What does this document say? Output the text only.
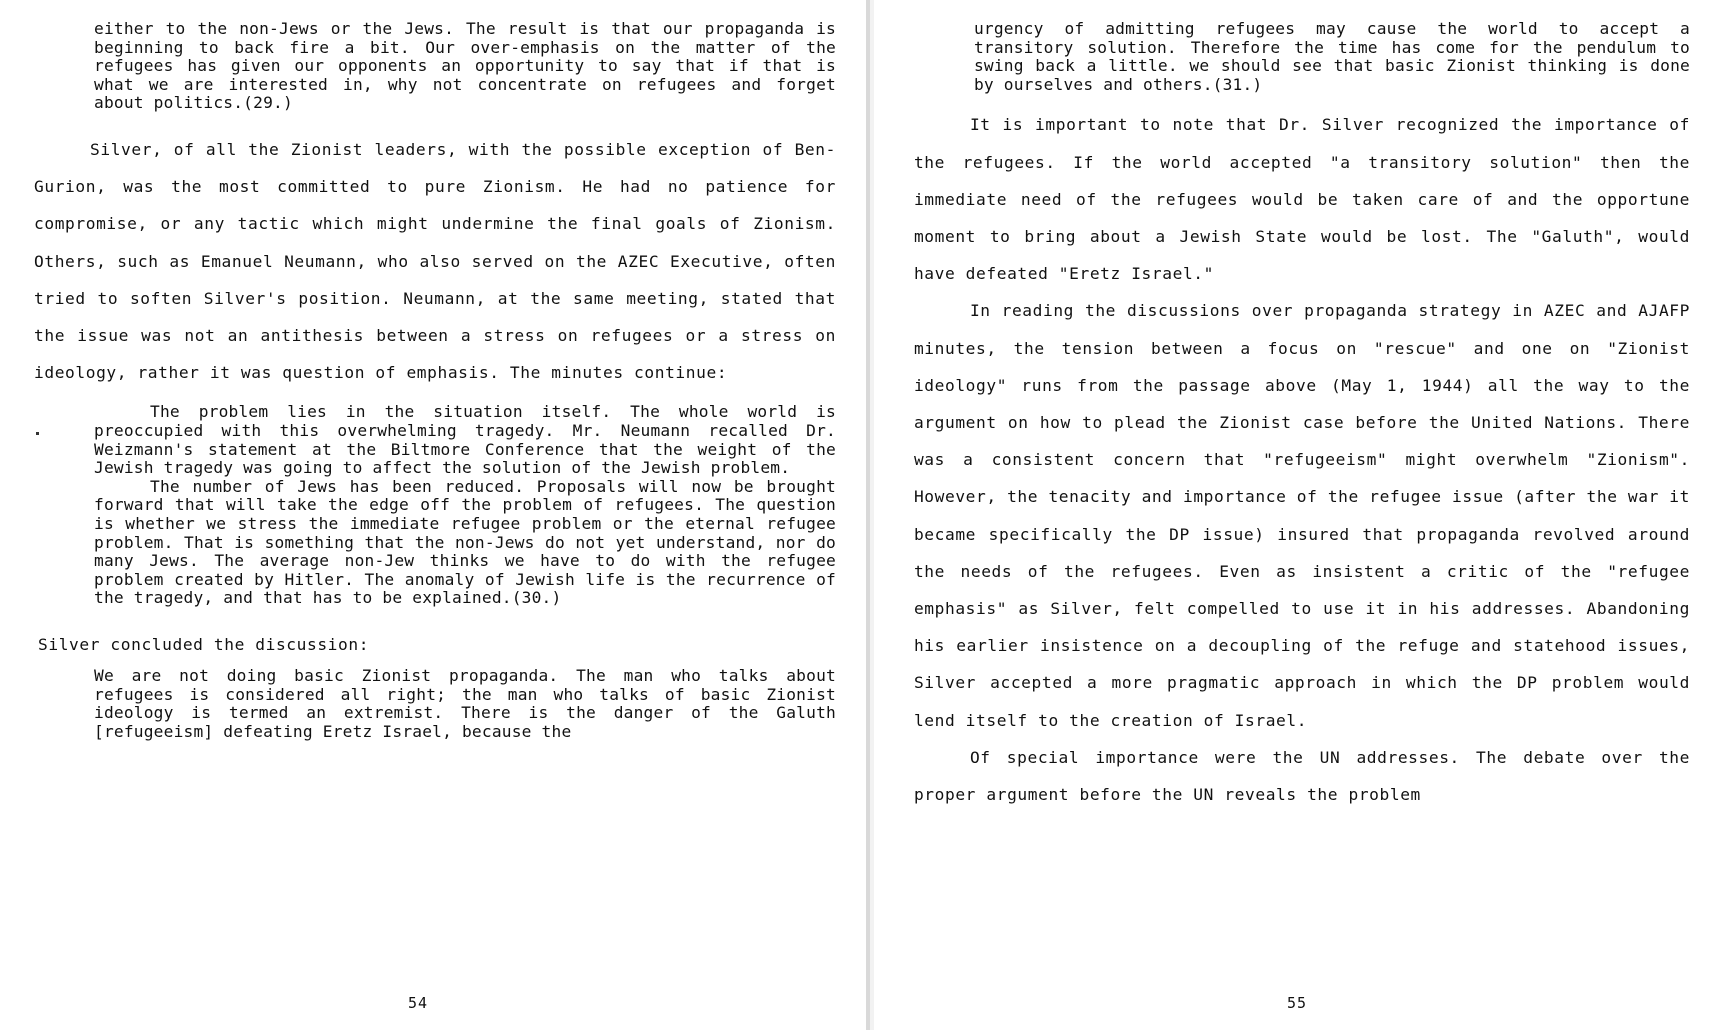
either to the non-Jews or the Jews. The result is that our propaganda is beginning to back fire a bit. Our over-emphasis on the matter of the refugees has given our opponents an opportunity to say that if that is what we are interested in, why not concentrate on refugees and forget about politics.(29.)

Silver, of all the Zionist leaders, with the possible exception of Ben-Gurion, was the most committed to pure Zionism. He had no patience for compromise, or any tactic which might undermine the final goals of Zionism. Others, such as Emanuel Neumann, who also served on the AZEC Executive, often tried to soften Silver's position. Neumann, at the same meeting, stated that the issue was not an antithesis between a stress on refugees or a stress on ideology, rather it was question of emphasis. The minutes continue:

The problem lies in the situation itself. The whole world is preoccupied with this overwhelming tragedy. Mr. Neumann recalled Dr. Weizmann's statement at the Biltmore Conference that the weight of the Jewish tragedy was going to affect the solution of the Jewish problem.
The number of Jews has been reduced. Proposals will now be brought forward that will take the edge off the problem of refugees. The question is whether we stress the immediate refugee problem or the eternal refugee problem. That is something that the non-Jews do not yet understand, nor do many Jews. The average non-Jew thinks we have to do with the refugee problem created by Hitler. The anomaly of Jewish life is the recurrence of the tragedy, and that has to be explained.(30.)

Silver concluded the discussion:

We are not doing basic Zionist propaganda. The man who talks about refugees is considered all right; the man who talks of basic Zionist ideology is termed an extremist. There is the danger of the Galuth [refugeeism] defeating Eretz Israel, because the

54

urgency of admitting refugees may cause the world to accept a transitory solution. Therefore the time has come for the pendulum to swing back a little. we should see that basic Zionist thinking is done by ourselves and others.(31.)

It is important to note that Dr. Silver recognized the importance of the refugees. If the world accepted "a transitory solution" then the immediate need of the refugees would be taken care of and the opportune moment to bring about a Jewish State would be lost. The "Galuth", would have defeated "Eretz Israel."

In reading the discussions over propaganda strategy in AZEC and AJAFP minutes, the tension between a focus on "rescue" and one on "Zionist ideology" runs from the passage above (May 1, 1944) all the way to the argument on how to plead the Zionist case before the United Nations. There was a consistent concern that "refugeeism" might overwhelm "Zionism". However, the tenacity and importance of the refugee issue (after the war it became specifically the DP issue) insured that propaganda revolved around the needs of the refugees. Even as insistent a critic of the "refugee emphasis" as Silver, felt compelled to use it in his addresses. Abandoning his earlier insistence on a decoupling of the refuge and statehood issues, Silver accepted a more pragmatic approach in which the DP problem would lend itself to the creation of Israel.

Of special importance were the UN addresses. The debate over the proper argument before the UN reveals the problem

55
